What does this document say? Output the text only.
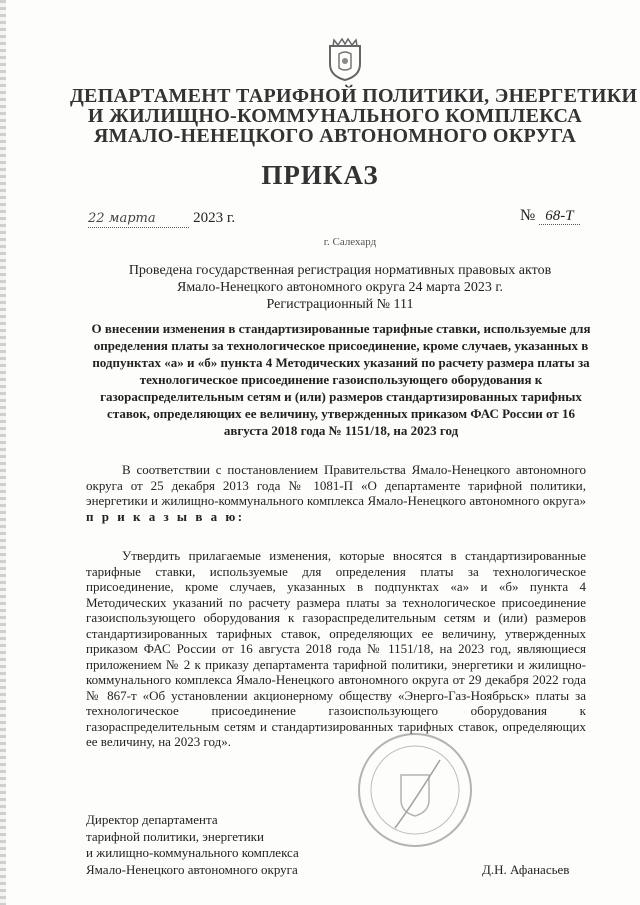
ДЕПАРТАМЕНТ ТАРИФНОЙ ПОЛИТИКИ, ЭНЕРГЕТИКИ
И ЖИЛИЩНО-КОММУНАЛЬНОГО КОМПЛЕКСА
ЯМАЛО-НЕНЕЦКОГО АВТОНОМНОГО ОКРУГА
ПРИКАЗ
22 марта	2023 г.	№ 68-Т
г. Салехард
Проведена государственная регистрация нормативных правовых актов
Ямало-Ненецкого автономного округа 24 марта 2023 г.
Регистрационный № 111
О внесении изменения в стандартизированные тарифные ставки, используемые для определения платы за технологическое присоединение, кроме случаев, указанных в подпунктах «а» и «б» пункта 4 Методических указаний по расчету размера платы за технологическое присоединение газоиспользующего оборудования к газораспределительным сетям и (или) размеров стандартизированных тарифных ставок, определяющих ее величину, утвержденных приказом ФАС России от 16 августа 2018 года № 1151/18, на 2023 год
В соответствии с постановлением Правительства Ямало-Ненецкого автономного округа от 25 декабря 2013 года № 1081-П «О департаменте тарифной политики, энергетики и жилищно-коммунального комплекса Ямало-Ненецкого автономного округа» п р и к а з ы в а ю:
Утвердить прилагаемые изменения, которые вносятся в стандартизированные тарифные ставки, используемые для определения платы за технологическое присоединение, кроме случаев, указанных в подпунктах «а» и «б» пункта 4 Методических указаний по расчету размера платы за технологическое присоединение газоиспользующего оборудования к газораспределительным сетям и (или) размеров стандартизированных тарифных ставок, определяющих ее величину, утвержденных приказом ФАС России от 16 августа 2018 года № 1151/18, на 2023 год, являющиеся приложением № 2 к приказу департамента тарифной политики, энергетики и жилищно-коммунального комплекса Ямало-Ненецкого автономного округа от 29 декабря 2022 года № 867-т «Об установлении акционерному обществу «Энерго-Газ-Ноябрьск» платы за технологическое присоединение газоиспользующего оборудования к газораспределительным сетям и стандартизированных тарифных ставок, определяющих ее величину, на 2023 год».
Директор департамента
тарифной политики, энергетики
и жилищно-коммунального комплекса
Ямало-Ненецкого автономного округа	Д.Н. Афанасьев
